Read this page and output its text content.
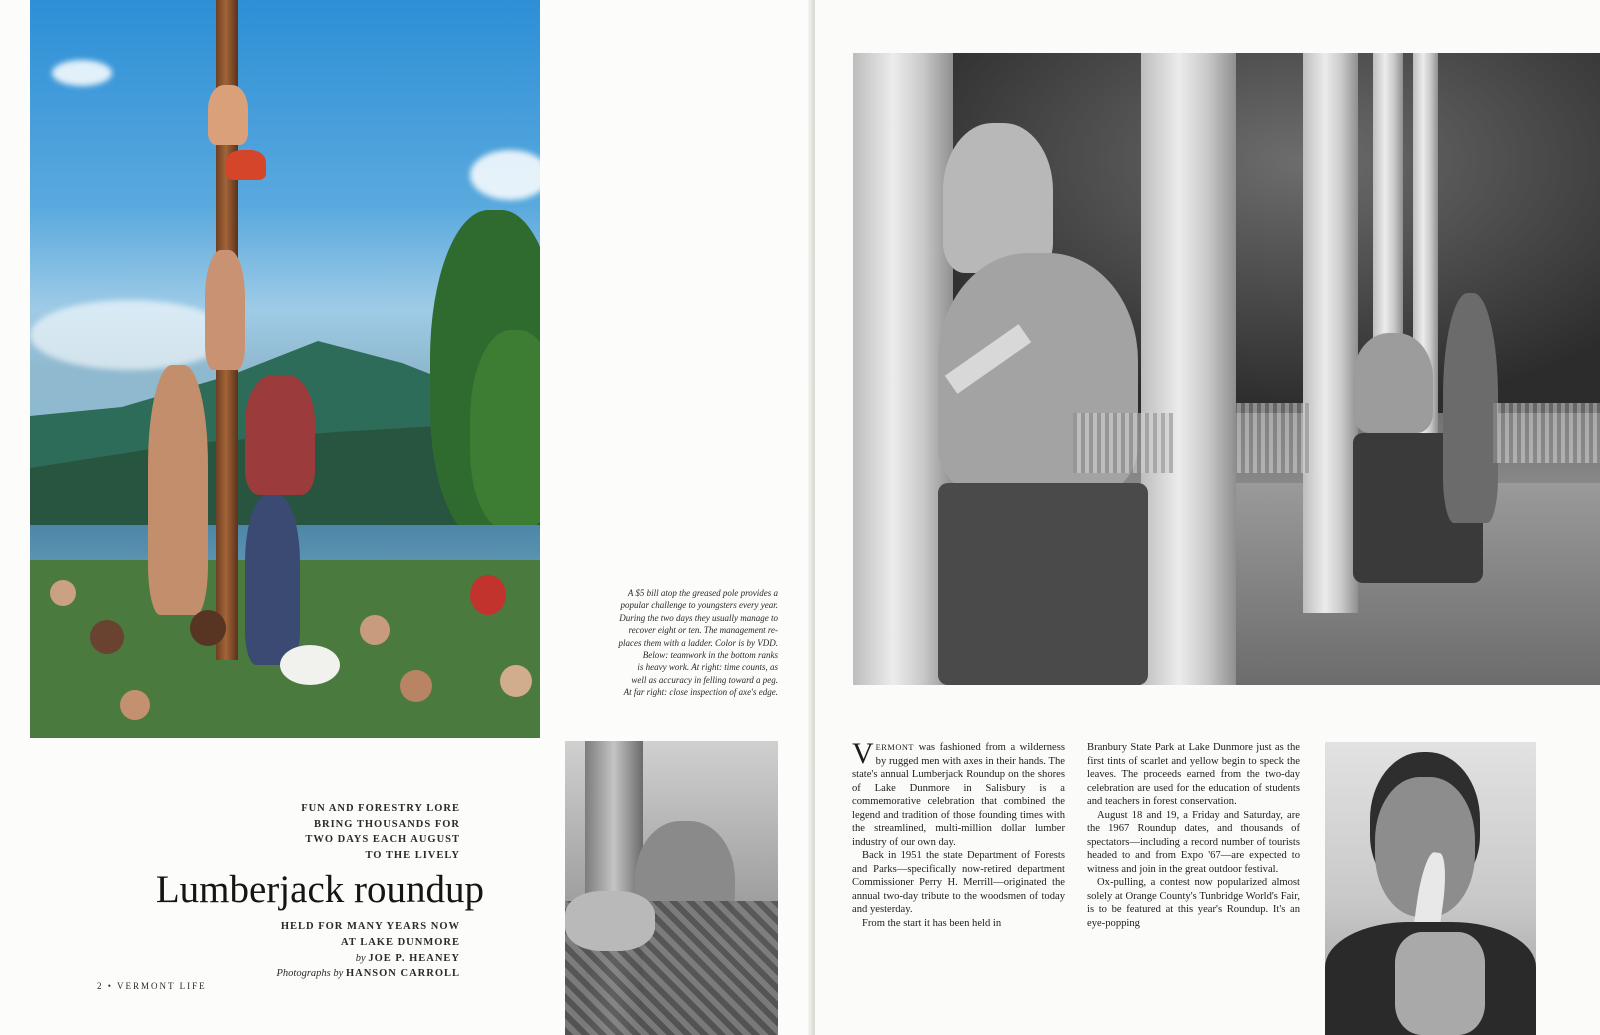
A $5 bill atop the greased pole provides a
popular challenge to youngsters every year.
During the two days they usually manage to
recover eight or ten. The management re-
places them with a ladder. Color is by VDD.
Below: teamwork in the bottom ranks
is heavy work. At right: time counts, as
well as accuracy in felling toward a peg.
At far right: close inspection of axe's edge.
FUN AND FORESTRY LORE
BRING THOUSANDS FOR
TWO DAYS EACH AUGUST
TO THE LIVELY
Lumberjack roundup
HELD FOR MANY YEARS NOW
AT LAKE DUNMORE
by JOE P. HEANEY
Photographs by HANSON CARROLL
2 • VERMONT LIFE

VERMONT was fashioned from a wilderness by rugged men with axes in their hands. The state's annual Lumberjack Roundup on the shores of Lake Dunmore in Salisbury is a commemorative celebration that combined the legend and tradition of those founding times with the streamlined, multi-million dollar lumber industry of our own day.

Back in 1951 the state Department of Forests and Parks—specifically now-retired department Commissioner Perry H. Merrill—originated the annual two-day tribute to the woodsmen of today and yesterday.

From the start it has been held in

Branbury State Park at Lake Dunmore just as the first tints of scarlet and yellow begin to speck the leaves. The proceeds earned from the two-day celebration are used for the education of students and teachers in forest conservation.

August 18 and 19, a Friday and Saturday, are the 1967 Roundup dates, and thousands of spectators—including a record number of tourists headed to and from Expo '67—are expected to witness and join in the great outdoor festival.

Ox-pulling, a contest now popularized almost solely at Orange County's Tunbridge World's Fair, is to be featured at this year's Roundup. It's an eye-popping
